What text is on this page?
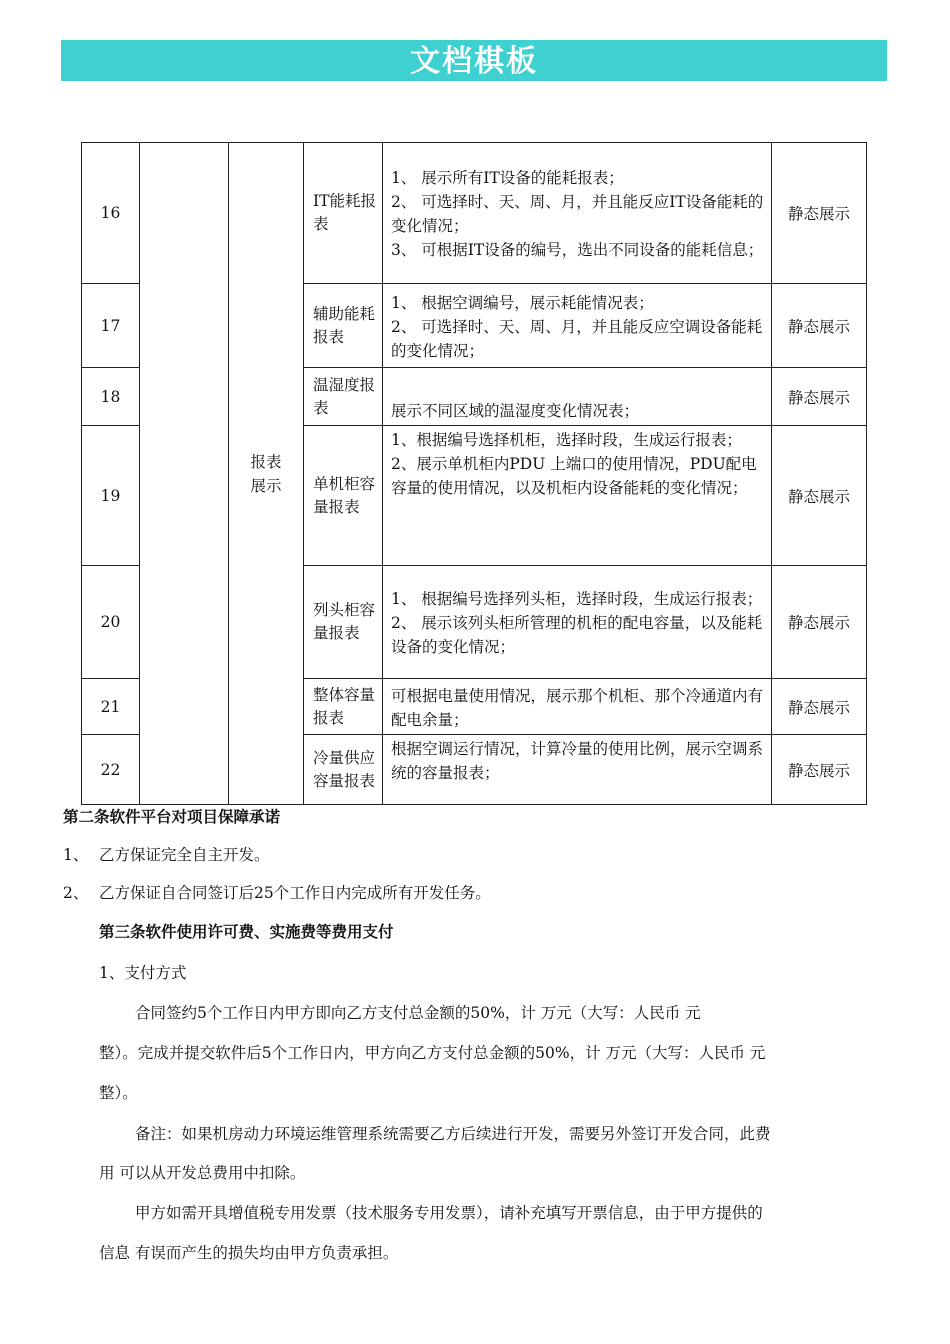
文档棋板
16		报表展示	IT能耗报表	1、 展示所有IT设备的能耗报表；
2、 可选择时、天、周、月，并且能反应IT设备能耗的变化情况；
3、 可根据IT设备的编号，选出不同设备的能耗信息；	静态展示
17			辅助能耗报表	1、 根据空调编号，展示耗能情况表；
2、 可选择时、天、周、月，并且能反应空调设备能耗的变化情况；	静态展示
18			温湿度报表	展示不同区域的温湿度变化情况表；	静态展示
19			单机柜容量报表	1、根据编号选择机柜，选择时段，生成运行报表；2、展示单机柜内PDU 上端口的使用情况，PDU配电容量的使用情况，以及机柜内设备能耗的变化情况；	静态展示
20			列头柜容量报表	1、 根据编号选择列头柜，选择时段，生成运行报表；
2、 展示该列头柜所管理的机柜的配电容量，以及能耗设备的变化情况；	静态展示
21			整体容量报表	可根据电量使用情况，展示那个机柜、那个冷通道内有配电余量；	静态展示
22			冷量供应容量报表	根据空调运行情况，计算冷量的使用比例，展示空调系统的容量报表；	静态展示
第二条软件平台对项目保障承诺
1、 乙方保证完全自主开发。
2、 乙方保证自合同签订后25个工作日内完成所有开发任务。
第三条软件使用许可费、实施费等费用支付
1、支付方式
合同签约5个工作日内甲方即向乙方支付总金额的50%，计 万元（大写：人民币 元
整）。完成并提交软件后5个工作日内，甲方向乙方支付总金额的50%，计 万元（大写：人民币 元
整）。
备注：如果机房动力环境运维管理系统需要乙方后续进行开发，需要另外签订开发合同，此费
用 可以从开发总费用中扣除。
甲方如需开具增值税专用发票（技术服务专用发票），请补充填写开票信息，由于甲方提供的
信息 有误而产生的损失均由甲方负责承担。
